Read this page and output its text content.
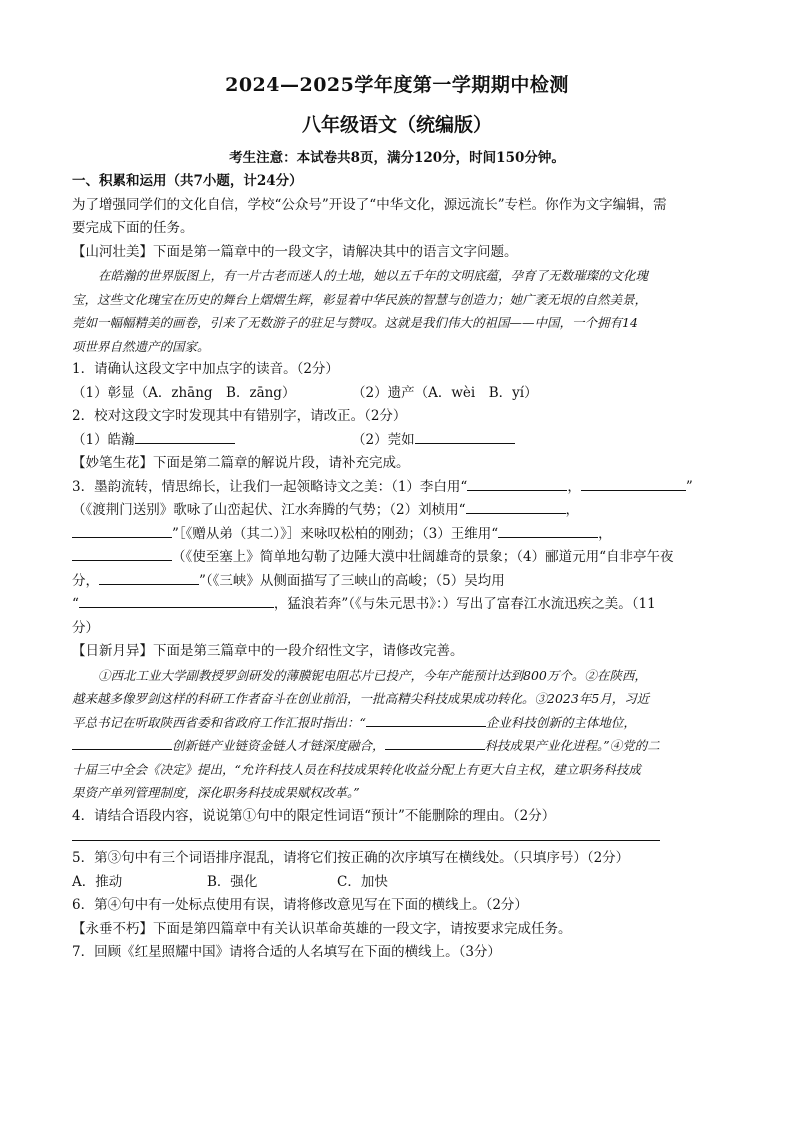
2024—2025学年度第一学期期中检测
八年级语文（统编版）
考生注意：本试卷共8页，满分120分，时间150分钟。

一、积累和运用（共7小题，计24分）

为了增强同学们的文化自信，学校“公众号”开设了“中华文化，源远流长”专栏。你作为文字编辑，需

要完成下面的任务。

【山河壮美】下面是第一篇章中的一段文字，请解决其中的语言文字问题。

在皓瀚的世界版图上，有一片古老而迷人的土地，她以五千年的文明底蕴，孕育了无数璀璨的文化瑰

宝，这些文化瑰宝在历史的舞台上熠熠生辉，彰显着中华民族的智慧与创造力；她广袤无垠的自然美景，

莞如一幅幅精美的画卷，引来了无数游子的驻足与赞叹。这就是我们伟大的祖国——中国，一个拥有14

项世界自然遗产的国家。

1．请确认这段文字中加点字的读音。（2分）

（1）彰显（A．zhāng　B．zāng）	（2）遗产（A．wèi　B．yí）

2．校对这段文字时发现其中有错别字，请改正。（2分）

（1）皓瀚	（2）莞如

【妙笔生花】下面是第二篇章的解说片段，请补充完成。

3．墨韵流转，情思绵长，让我们一起领略诗文之美：（1）李白用“	，	”

（《渡荆门送别》歌咏了山峦起伏、江水奔腾的气势；（2）刘桢用“	，

”［《赠从弟（其二）》］来咏叹松柏的刚劲；（3）王维用“	，

（《使至塞上》简单地勾勒了边陲大漠中壮阔雄奇的景象；（4）郦道元用“自非亭午夜

分，	”（《三峡》从侧面描写了三峡山的高峻；（5）吴均用

“	，猛浪若奔”（《与朱元思书》：）写出了富春江水流迅疾之美。（11

分）

【日新月异】下面是第三篇章中的一段介绍性文字，请修改完善。

①西北工业大学副教授罗剑研发的薄膜铌电阻芯片已投产，今年产能预计达到800万个。②在陕西，

越来越多像罗剑这样的科研工作者奋斗在创业前沿，一批高精尖科技成果成功转化。③2023年5月，习近

平总书记在听取陕西省委和省政府工作汇报时指出：“	企业科技创新的主体地位，

创新链产业链资金链人才链深度融合，	科技成果产业化进程。”④党的二

十届三中全会《决定》提出，“允许科技人员在科技成果转化收益分配上有更大自主权，建立职务科技成

果资产单列管理制度，深化职务科技成果赋权改革。”

4．请结合语段内容，说说第①句中的限定性词语“预计”不能删除的理由。（2分）

5．第③句中有三个词语排序混乱，请将它们按正确的次序填写在横线处。（只填序号）（2分）

A．推动	B．强化	C．加快

6．第④句中有一处标点使用有误，请将修改意见写在下面的横线上。（2分）

【永垂不朽】下面是第四篇章中有关认识革命英雄的一段文字，请按要求完成任务。

7．回顾《红星照耀中国》请将合适的人名填写在下面的横线上。（3分）
